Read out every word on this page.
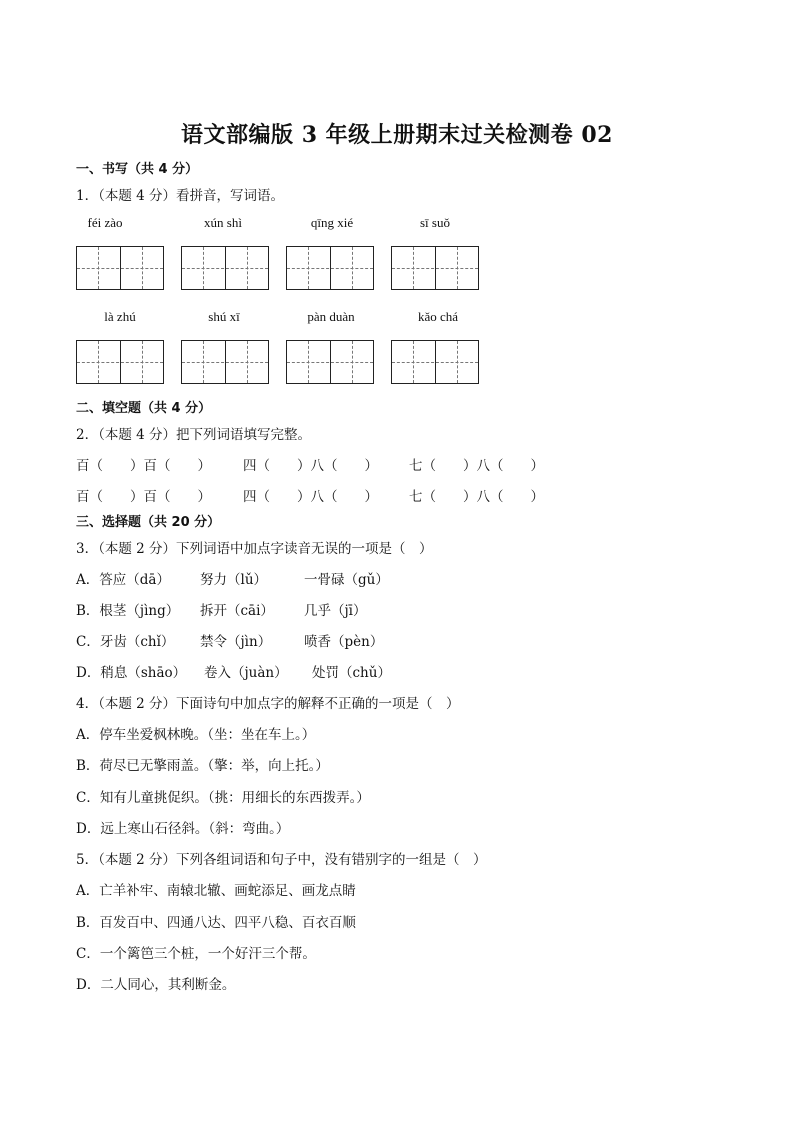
语文部编版 3 年级上册期末过关检测卷 02
一、书写（共 4 分）
1．（本题 4 分）看拼音，写词语。
féi zào	xún shì	qīng xié	sī suǒ
là zhú	shú xī	pàn duàn	kǎo chá
二、填空题（共 4 分）
2．（本题 4 分）把下列词语填写完整。
百（　　）百（　　） 四（　　）八（　　） 七（　　）八（　　）
百（　　）百（　　） 四（　　）八（　　） 七（　　）八（　　）
三、选择题（共 20 分）
3．（本题 2 分）下列词语中加点字读音无误的一项是（　）
A．答应（dā） 努力（lǔ）	一骨碌（gǔ）
B．根茎（jìng） 拆开（cāi） 几乎（jī）
C．牙齿（chǐ） 禁令（jìn） 喷香（pèn）
D．稍息（shāo） 卷入（juàn） 处罚（chǔ）
4．（本题 2 分）下面诗句中加点字的解释不正确的一项是（　）
A．停车坐爱枫林晚。（坐：坐在车上。）
B．荷尽已无擎雨盖。（擎：举，向上托。）
C．知有儿童挑促织。（挑：用细长的东西拨弄。）
D．远上寒山石径斜。（斜：弯曲。）
5．（本题 2 分）下列各组词语和句子中，没有错别字的一组是（　）
A．亡羊补牢、南辕北辙、画蛇添足、画龙点睛
B．百发百中、四通八达、四平八稳、百衣百顺
C．一个篱笆三个桩，一个好汗三个帮。
D．二人同心，其利断金。
